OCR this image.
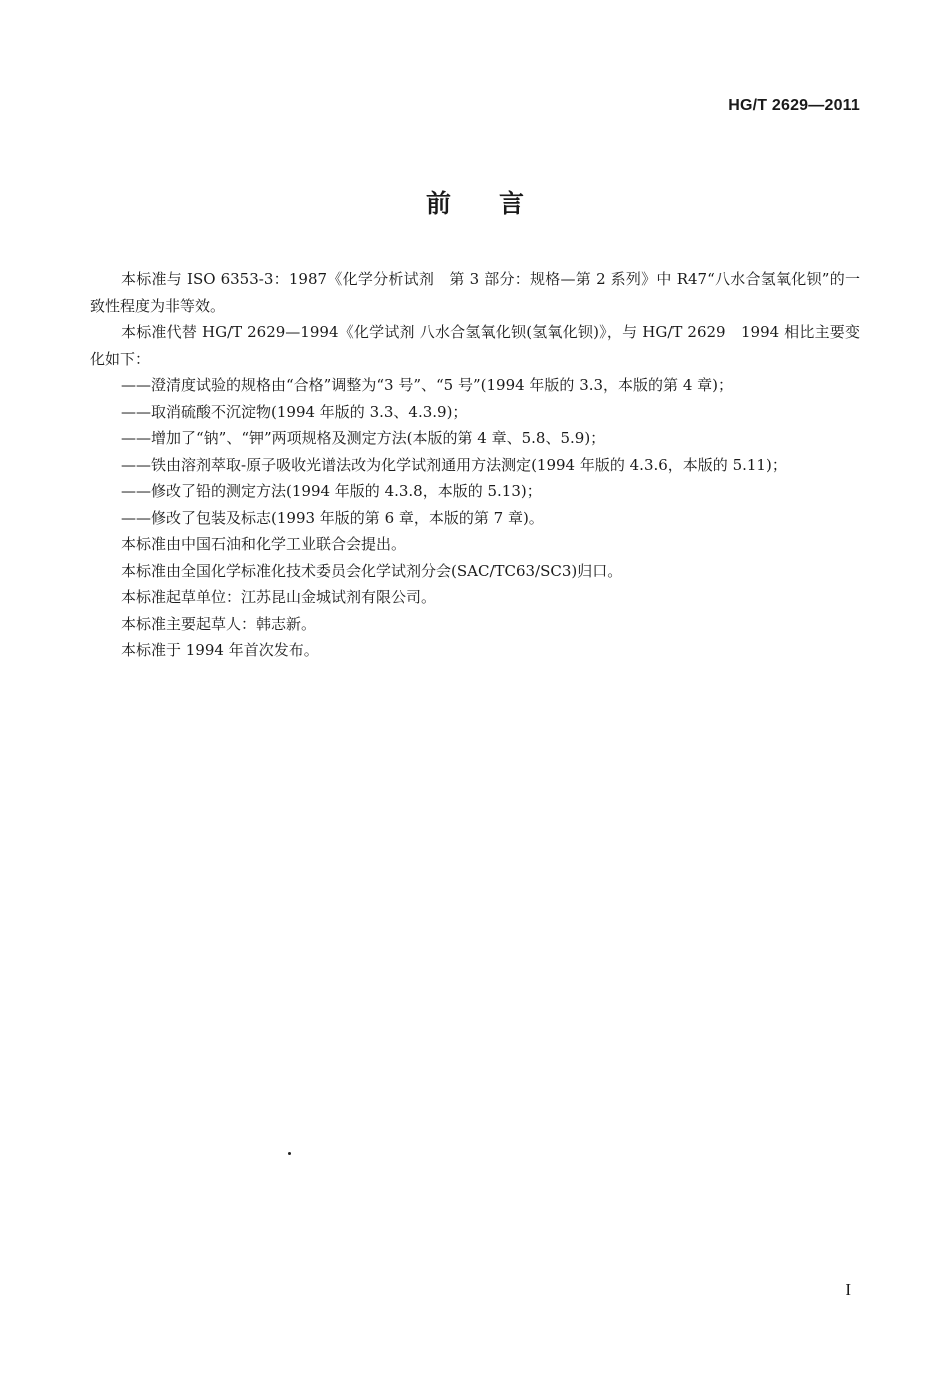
HG/T 2629—2011
前言

本标准与 ISO 6353-3：1987《化学分析试剂　第 3 部分：规格—第 2 系列》中 R47“八水合氢氧化钡”的一致性程度为非等效。

本标准代替 HG/T 2629—1994《化学试剂 八水合氢氧化钡(氢氧化钡)》，与 HG/T 2629　1994 相比主要变化如下：

——澄清度试验的规格由“合格”调整为“3 号”、“5 号”(1994 年版的 3.3，本版的第 4 章)；

——取消硫酸不沉淀物(1994 年版的 3.3、4.3.9)；

——增加了“钠”、“钾”两项规格及测定方法(本版的第 4 章、5.8、5.9)；

——铁由溶剂萃取-原子吸收光谱法改为化学试剂通用方法测定(1994 年版的 4.3.6，本版的 5.11)；

——修改了铅的测定方法(1994 年版的 4.3.8，本版的 5.13)；

——修改了包装及标志(1993 年版的第 6 章，本版的第 7 章)。

本标准由中国石油和化学工业联合会提出。

本标准由全国化学标准化技术委员会化学试剂分会(SAC/TC63/SC3)归口。

本标准起草单位：江苏昆山金城试剂有限公司。

本标准主要起草人：韩志新。

本标准于 1994 年首次发布。

I
